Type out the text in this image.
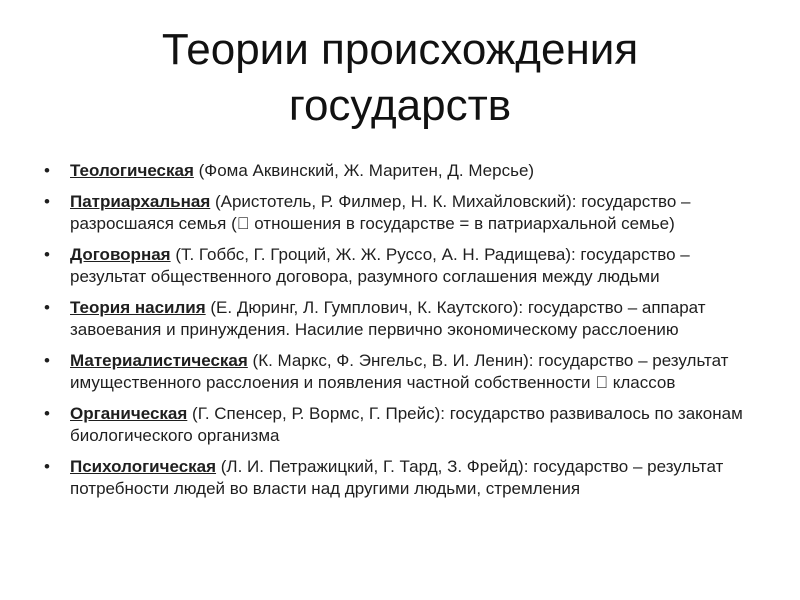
Теории происхождения
государств
• Теологическая (Фома Аквинский, Ж. Маритен, Д. Мерсье)
• Патриархальная (Аристотель, Р. Филмер, Н. К. Михайловский): государство – разросшаяся семья ( отношения в государстве = в патриархальной семье)
• Договорная (Т. Гоббс, Г. Гроций, Ж. Ж. Руссо, А. Н. Радищева): государство – результат общественного договора, разумного соглашения между людьми
• Теория насилия (Е. Дюринг, Л. Гумплович, К. Каутского): государство – аппарат завоевания и принуждения. Насилие первично экономическому расслоению
• Материалистическая (К. Маркс, Ф. Энгельс, В. И. Ленин): государство – результат имущественного расслоения и появления частной собственности классов
• Органическая (Г. Спенсер, Р. Вормс, Г. Прейс): государство развивалось по законам биологического организма
• Психологическая (Л. И. Петражицкий, Г. Тард, З. Фрейд): государство – результат потребности людей во власти над другими людьми, стремления
